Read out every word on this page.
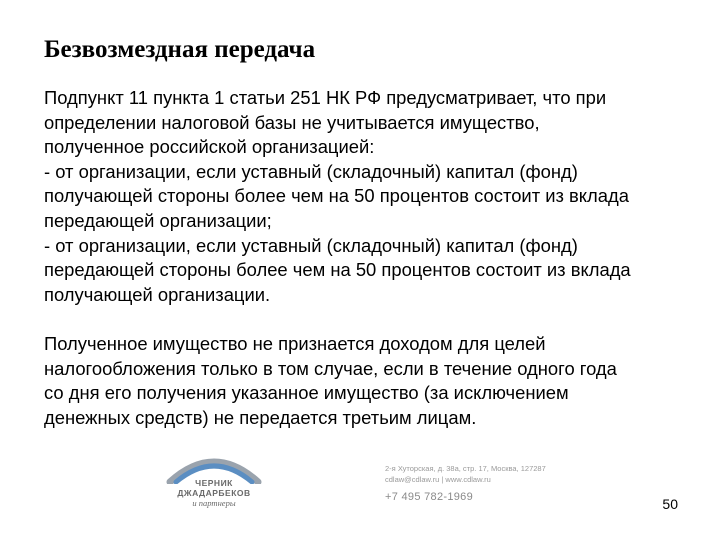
Безвозмездная передача
Подпункт 11 пункта 1 статьи 251 НК РФ предусматривает, что при
определении налоговой базы не учитывается имущество,
полученное российской организацией:
- от организации, если уставный (складочный) капитал (фонд)
получающей стороны более чем на 50 процентов состоит из вклада
передающей организации;
- от организации, если уставный (складочный) капитал (фонд)
передающей стороны более чем на 50 процентов состоит из вклада
получающей организации.
Полученное имущество не признается доходом для целей
налогообложения только в том случае, если в течение одного года
со дня его получения указанное имущество (за исключением
денежных средств) не передается третьим лицам.
ЧЕРНИК
ДЖАДАРБЕКОВ
и партнеры
2-я Хуторская, д. 38а, стр. 17, Москва, 127287
cdlaw@cdlaw.ru | www.cdlaw.ru
+7 495 782-1969	50
